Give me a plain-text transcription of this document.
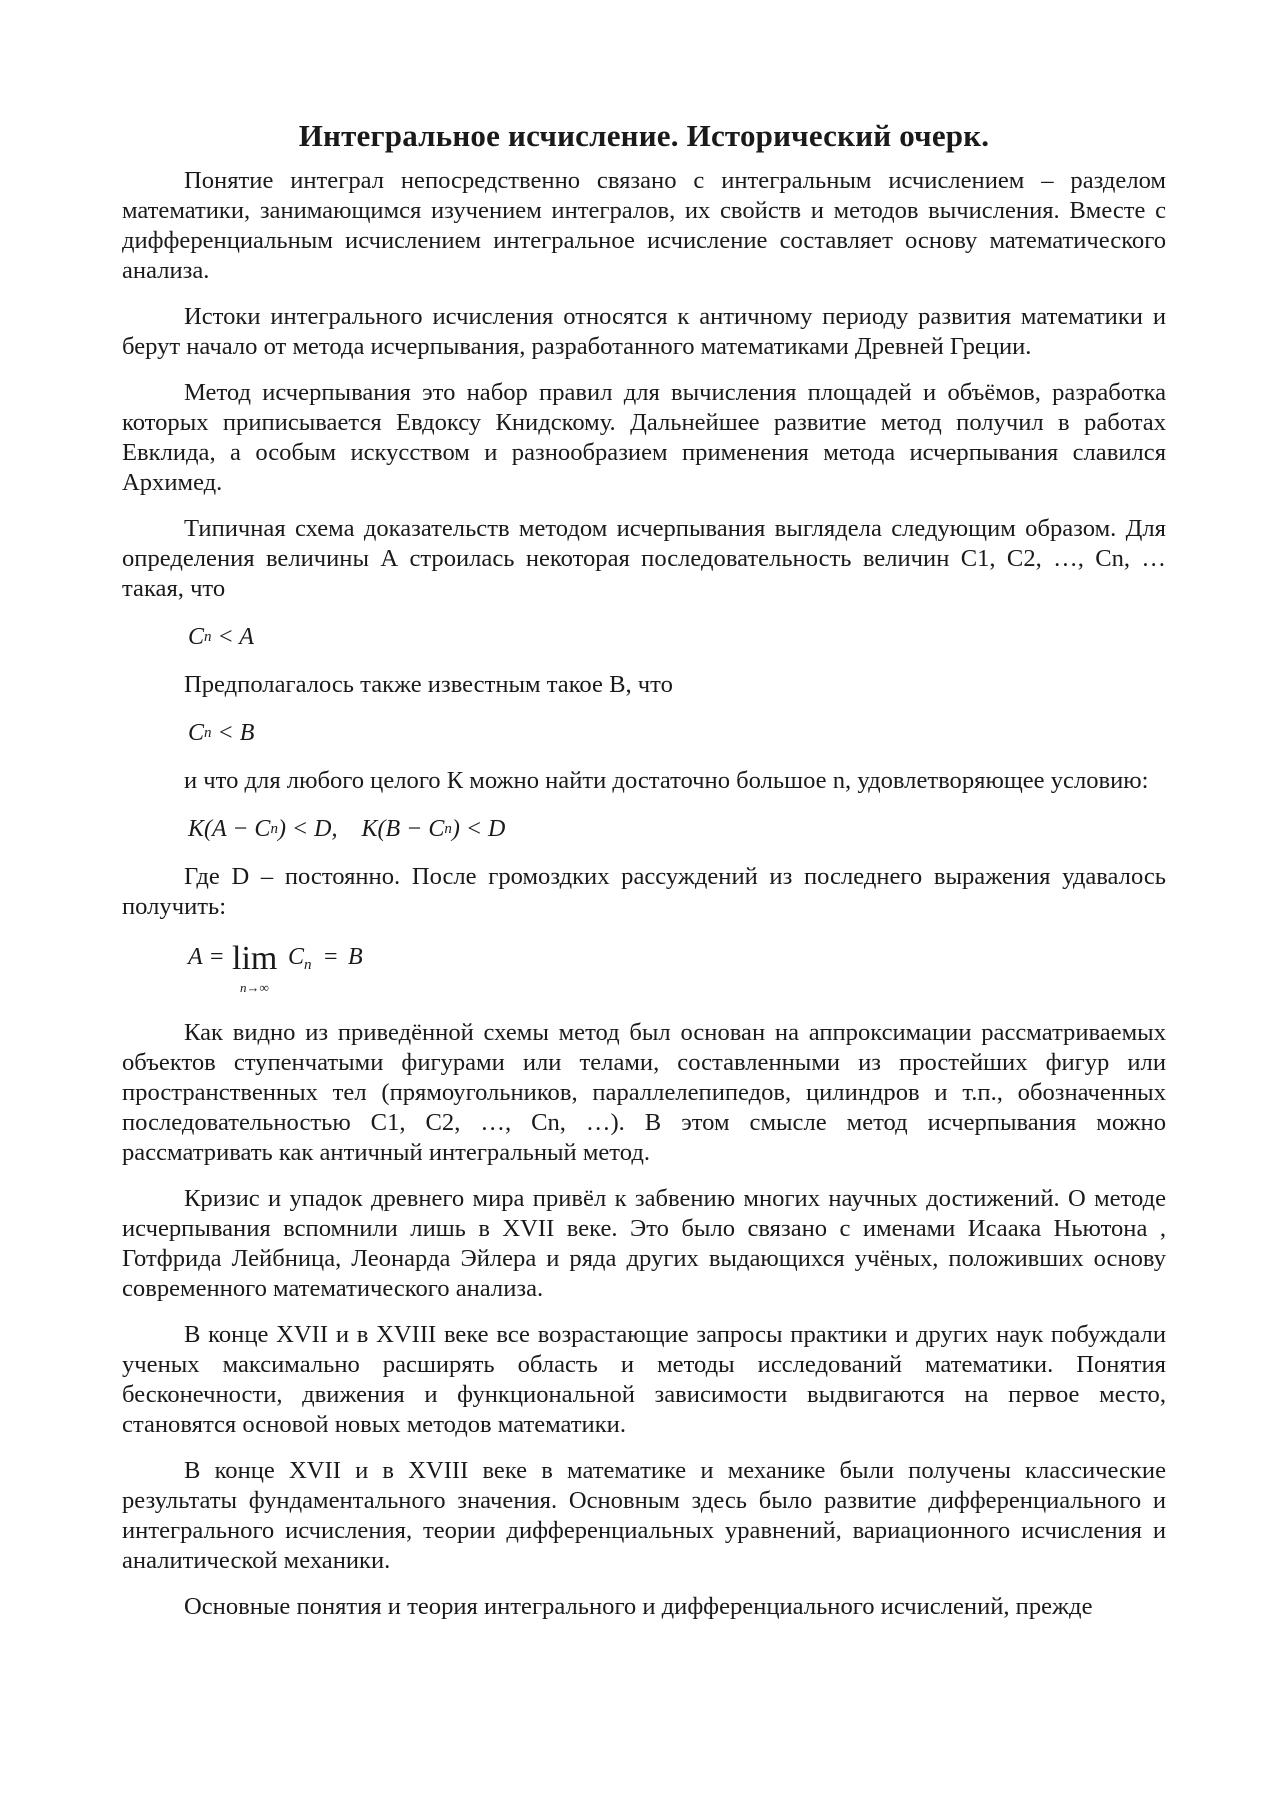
Интегральное исчисление. Исторический очерк.

Понятие интеграл непосредственно связано с интегральным исчислением – разделом математики, занимающимся изучением интегралов, их свойств и методов вычисления. Вместе с дифференциальным исчислением интегральное исчисление составляет основу математического анализа.

Истоки интегрального исчисления относятся к античному периоду развития математики и берут начало от метода исчерпывания, разработанного математиками Древней Греции.

Метод исчерпывания это набор правил для вычисления площадей и объёмов, разработка которых приписывается Евдоксу Книдскому. Дальнейшее развитие метод получил в работах Евклида, а особым искусством и разнообразием применения метода исчерпывания славился Архимед.

Типичная схема доказательств методом исчерпывания выглядела следующим образом. Для определения величины А строилась некоторая последовательность величин С1, С2, …, Сn, … такая, что

C n < A

Предполагалось также известным такое В, что

C n < B

и что для любого целого К можно найти достаточно большое n, удовлетворяющее условию:

K(A − C n ) < D, K(B − C n ) < D

Где D – постоянно. После громоздких рассуждений из последнего выражения удавалось получить:

A = lim
n→∞
$C_n = B$

Как видно из приведённой схемы метод был основан на аппроксимации рассматриваемых объектов ступенчатыми фигурами или телами, составленными из простейших фигур или пространственных тел (прямоугольников, параллелепипедов, цилиндров и т.п., обозначенных последовательностью С1, С2, …, Сn, …). В этом смысле метод исчерпывания можно рассматривать как античный интегральный метод.

Кризис и упадок древнего мира привёл к забвению многих научных достижений. О методе исчерпывания вспомнили лишь в XVII веке. Это было связано с именами Исаака Ньютона , Готфрида Лейбница, Леонарда Эйлера и ряда других выдающихся учёных, положивших основу современного математического анализа.

В конце XVII и в XVIII веке все возрастающие запросы практики и других наук побуждали ученых максимально расширять область и методы исследований математики. Понятия бесконечности, движения и функциональной зависимости выдвигаются на первое место, становятся основой новых методов математики.

В конце XVII и в XVIII веке в математике и механике были получены классические результаты фундаментального значения. Основным здесь было развитие дифференциального и интегрального исчисления, теории дифференциальных уравнений, вариационного исчисления и аналитической механики.

Основные понятия и теория интегрального и дифференциального исчислений, прежде
